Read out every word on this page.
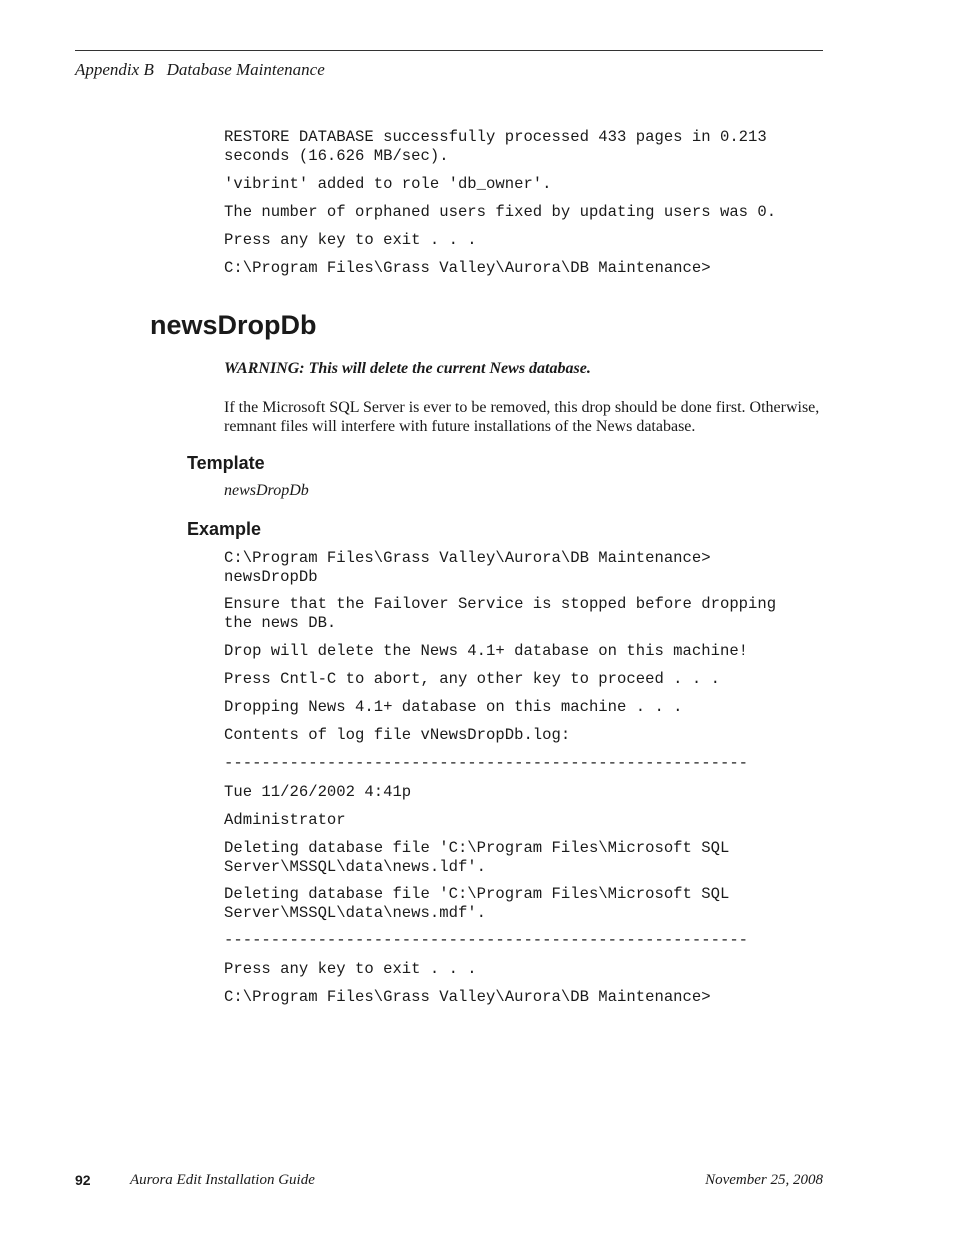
Appendix B   Database Maintenance
RESTORE DATABASE successfully processed 433 pages in 0.213
seconds (16.626 MB/sec).
'vibrint' added to role 'db_owner'.
The number of orphaned users fixed by updating users was 0.
Press any key to exit . . .
C:\Program Files\Grass Valley\Aurora\DB Maintenance>
newsDropDb
WARNING: This will delete the current News database.
If the Microsoft SQL Server is ever to be removed, this drop should be done first. Otherwise, remnant files will interfere with future installations of the News database.
Template
newsDropDb
Example
C:\Program Files\Grass Valley\Aurora\DB Maintenance>
newsDropDb
Ensure that the Failover Service is stopped before dropping
the news DB.
Drop will delete the News 4.1+ database on this machine!
Press Cntl-C to abort, any other key to proceed . . .
Dropping News 4.1+ database on this machine . . .
Contents of log file vNewsDropDb.log:
--------------------------------------------------------
Tue 11/26/2002 4:41p
Administrator
Deleting database file 'C:\Program Files\Microsoft SQL
Server\MSSQL\data\news.ldf'.
Deleting database file 'C:\Program Files\Microsoft SQL
Server\MSSQL\data\news.mdf'.
--------------------------------------------------------
Press any key to exit . . .
C:\Program Files\Grass Valley\Aurora\DB Maintenance>
92	Aurora Edit Installation Guide	November 25, 2008
